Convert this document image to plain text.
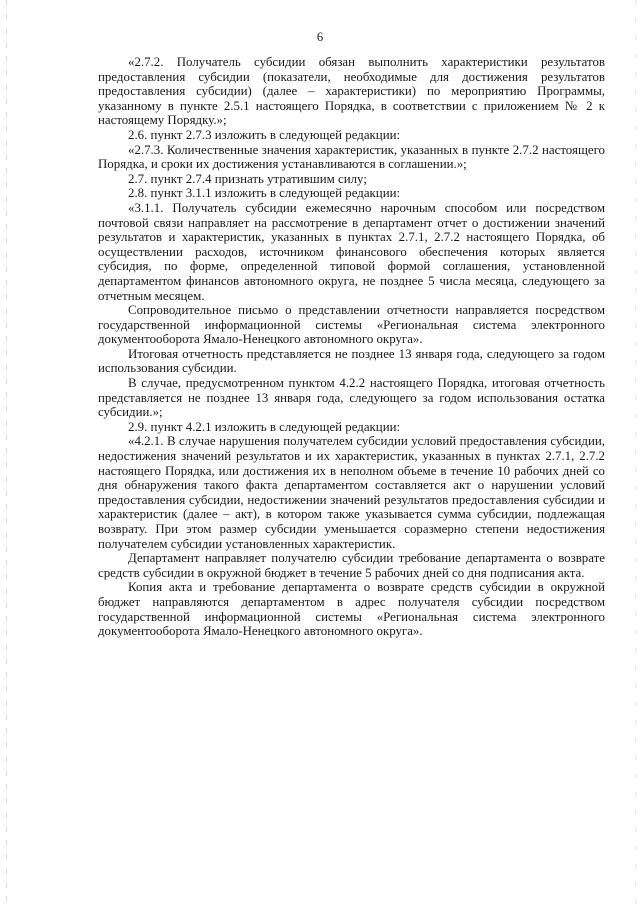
6

«2.7.2. Получатель субсидии обязан выполнить характеристики результатов предоставления субсидии (показатели, необходимые для достижения результатов предоставления субсидии) (далее – характеристики) по мероприятию Программы, указанному в пункте 2.5.1 настоящего Порядка, в соответствии с приложением № 2 к настоящему Порядку.»;

2.6. пункт 2.7.3 изложить в следующей редакции:

«2.7.3. Количественные значения характеристик, указанных в пункте 2.7.2 настоящего Порядка, и сроки их достижения устанавливаются в соглашении.»;

2.7. пункт 2.7.4 признать утратившим силу;

2.8. пункт 3.1.1 изложить в следующей редакции:

«3.1.1. Получатель субсидии ежемесячно нарочным способом или посредством почтовой связи направляет на рассмотрение в департамент отчет о достижении значений результатов и характеристик, указанных в пунктах 2.7.1, 2.7.2 настоящего Порядка, об осуществлении расходов, источником финансового обеспечения которых является субсидия, по форме, определенной типовой формой соглашения, установленной департаментом финансов автономного округа, не позднее 5 числа месяца, следующего за отчетным месяцем.

Сопроводительное письмо о представлении отчетности направляется посредством государственной информационной системы «Региональная система электронного документооборота Ямало-Ненецкого автономного округа».

Итоговая отчетность представляется не позднее 13 января года, следующего за годом использования субсидии.

В случае, предусмотренном пунктом 4.2.2 настоящего Порядка, итоговая отчетность представляется не позднее 13 января года, следующего за годом использования остатка субсидии.»;

2.9. пункт 4.2.1 изложить в следующей редакции:

«4.2.1. В случае нарушения получателем субсидии условий предоставления субсидии, недостижения значений результатов и их характеристик, указанных в пунктах 2.7.1, 2.7.2 настоящего Порядка, или достижения их в неполном объеме в течение 10 рабочих дней со дня обнаружения такого факта департаментом составляется акт о нарушении условий предоставления субсидии, недостижении значений результатов предоставления субсидии и характеристик (далее – акт), в котором также указывается сумма субсидии, подлежащая возврату. При этом размер субсидии уменьшается соразмерно степени недостижения получателем субсидии установленных характеристик.

Департамент направляет получателю субсидии требование департамента о возврате средств субсидии в окружной бюджет в течение 5 рабочих дней со дня подписания акта.

Копия акта и требование департамента о возврате средств субсидии в окружной бюджет направляются департаментом в адрес получателя субсидии посредством государственной информационной системы «Региональная система электронного документооборота Ямало-Ненецкого автономного округа».
